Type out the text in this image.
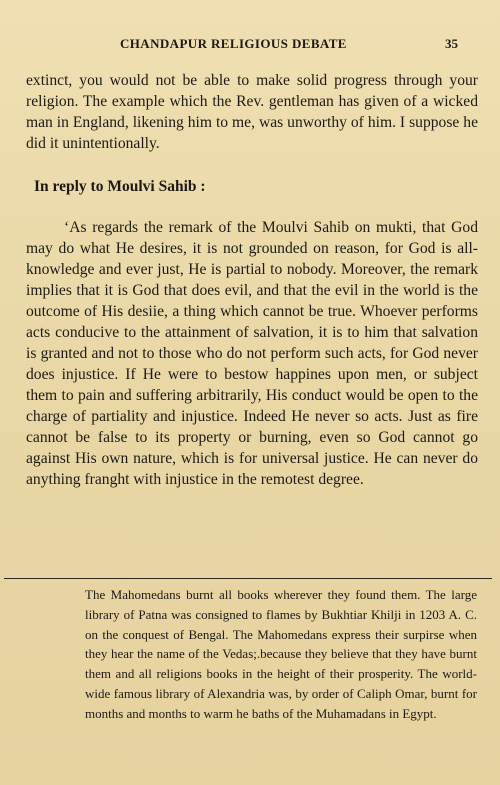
CHANDAPUR RELIGIOUS DEBATE	35

extinct, you would not be able to make solid progress through your religion. The example which the Rev. gentleman has given of a wicked man in England, likening him to me, was unworthy of him. I suppose he did it unintentionally.

In reply to Moulvi Sahib :

‘As regards the remark of the Moulvi Sahib on mukti, that God may do what He desires, it is not grounded on reason, for God is all-knowledge and ever just, He is partial to nobody. Moreover, the remark implies that it is God that does evil, and that the evil in the world is the outcome of His desiie, a thing which cannot be true. Whoever performs acts conducive to the attainment of salvation, it is to him that salvation is granted and not to those who do not perform such acts, for God never does injustice. If He were to bestow happines upon men, or subject them to pain and suffering arbitrarily, His conduct would be open to the charge of partiality and injustice. Indeed He never so acts. Just as fire cannot be false to its property or burning, even so God cannot go against His own nature, which is for universal justice. He can never do anything franght with injustice in the remotest degree.

The Mahomedans burnt all books wherever they found them. The large library of Patna was consigned to flames by Bukhtiar Khilji in 1203 A. C. on the conquest of Bengal. The Mahomedans express their surpirse when they hear the name of the Vedas;.because they believe that they have burnt them and all religions books in the height of their prosperity. The world-wide famous library of Alexandria was, by order of Caliph Omar, burnt for months and months to warm he baths of the Muhamadans in Egypt.
